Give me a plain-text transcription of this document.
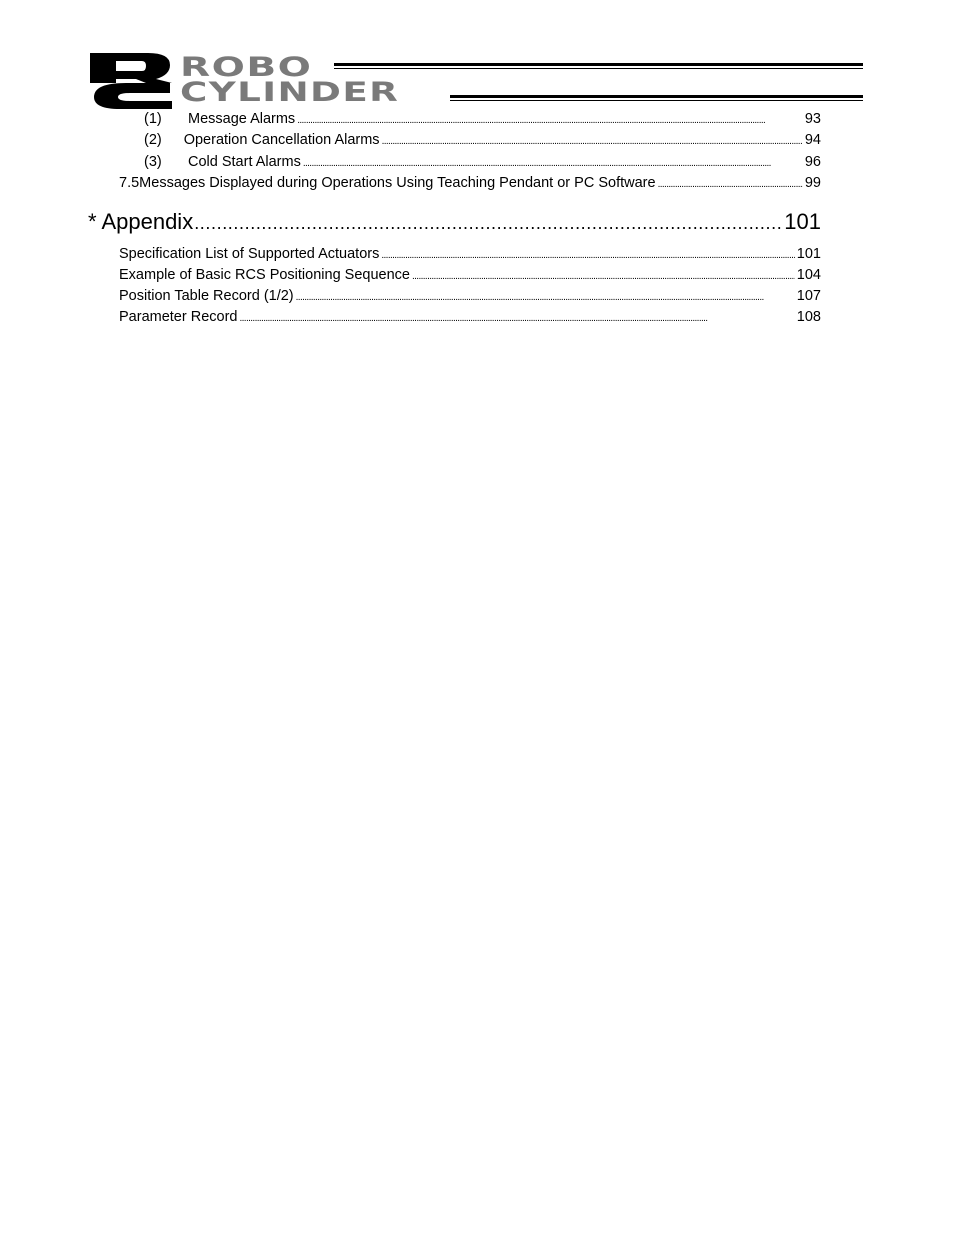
ROBO
CYLINDER
(1)	Message Alarms . . .	93
(2)	Operation Cancellation Alarms . . .	94
(3)	Cold Start Alarms . . .	96
7.5 Messages Displayed during Operations Using Teaching Pendant or PC Software . . .	99
* Appendix .....	101
Specification List of Supported Actuators . . .	101
Example of Basic RCS Positioning Sequence . . .	104
Position Table Record (1/2) . . .	107
Parameter Record . . .	108
